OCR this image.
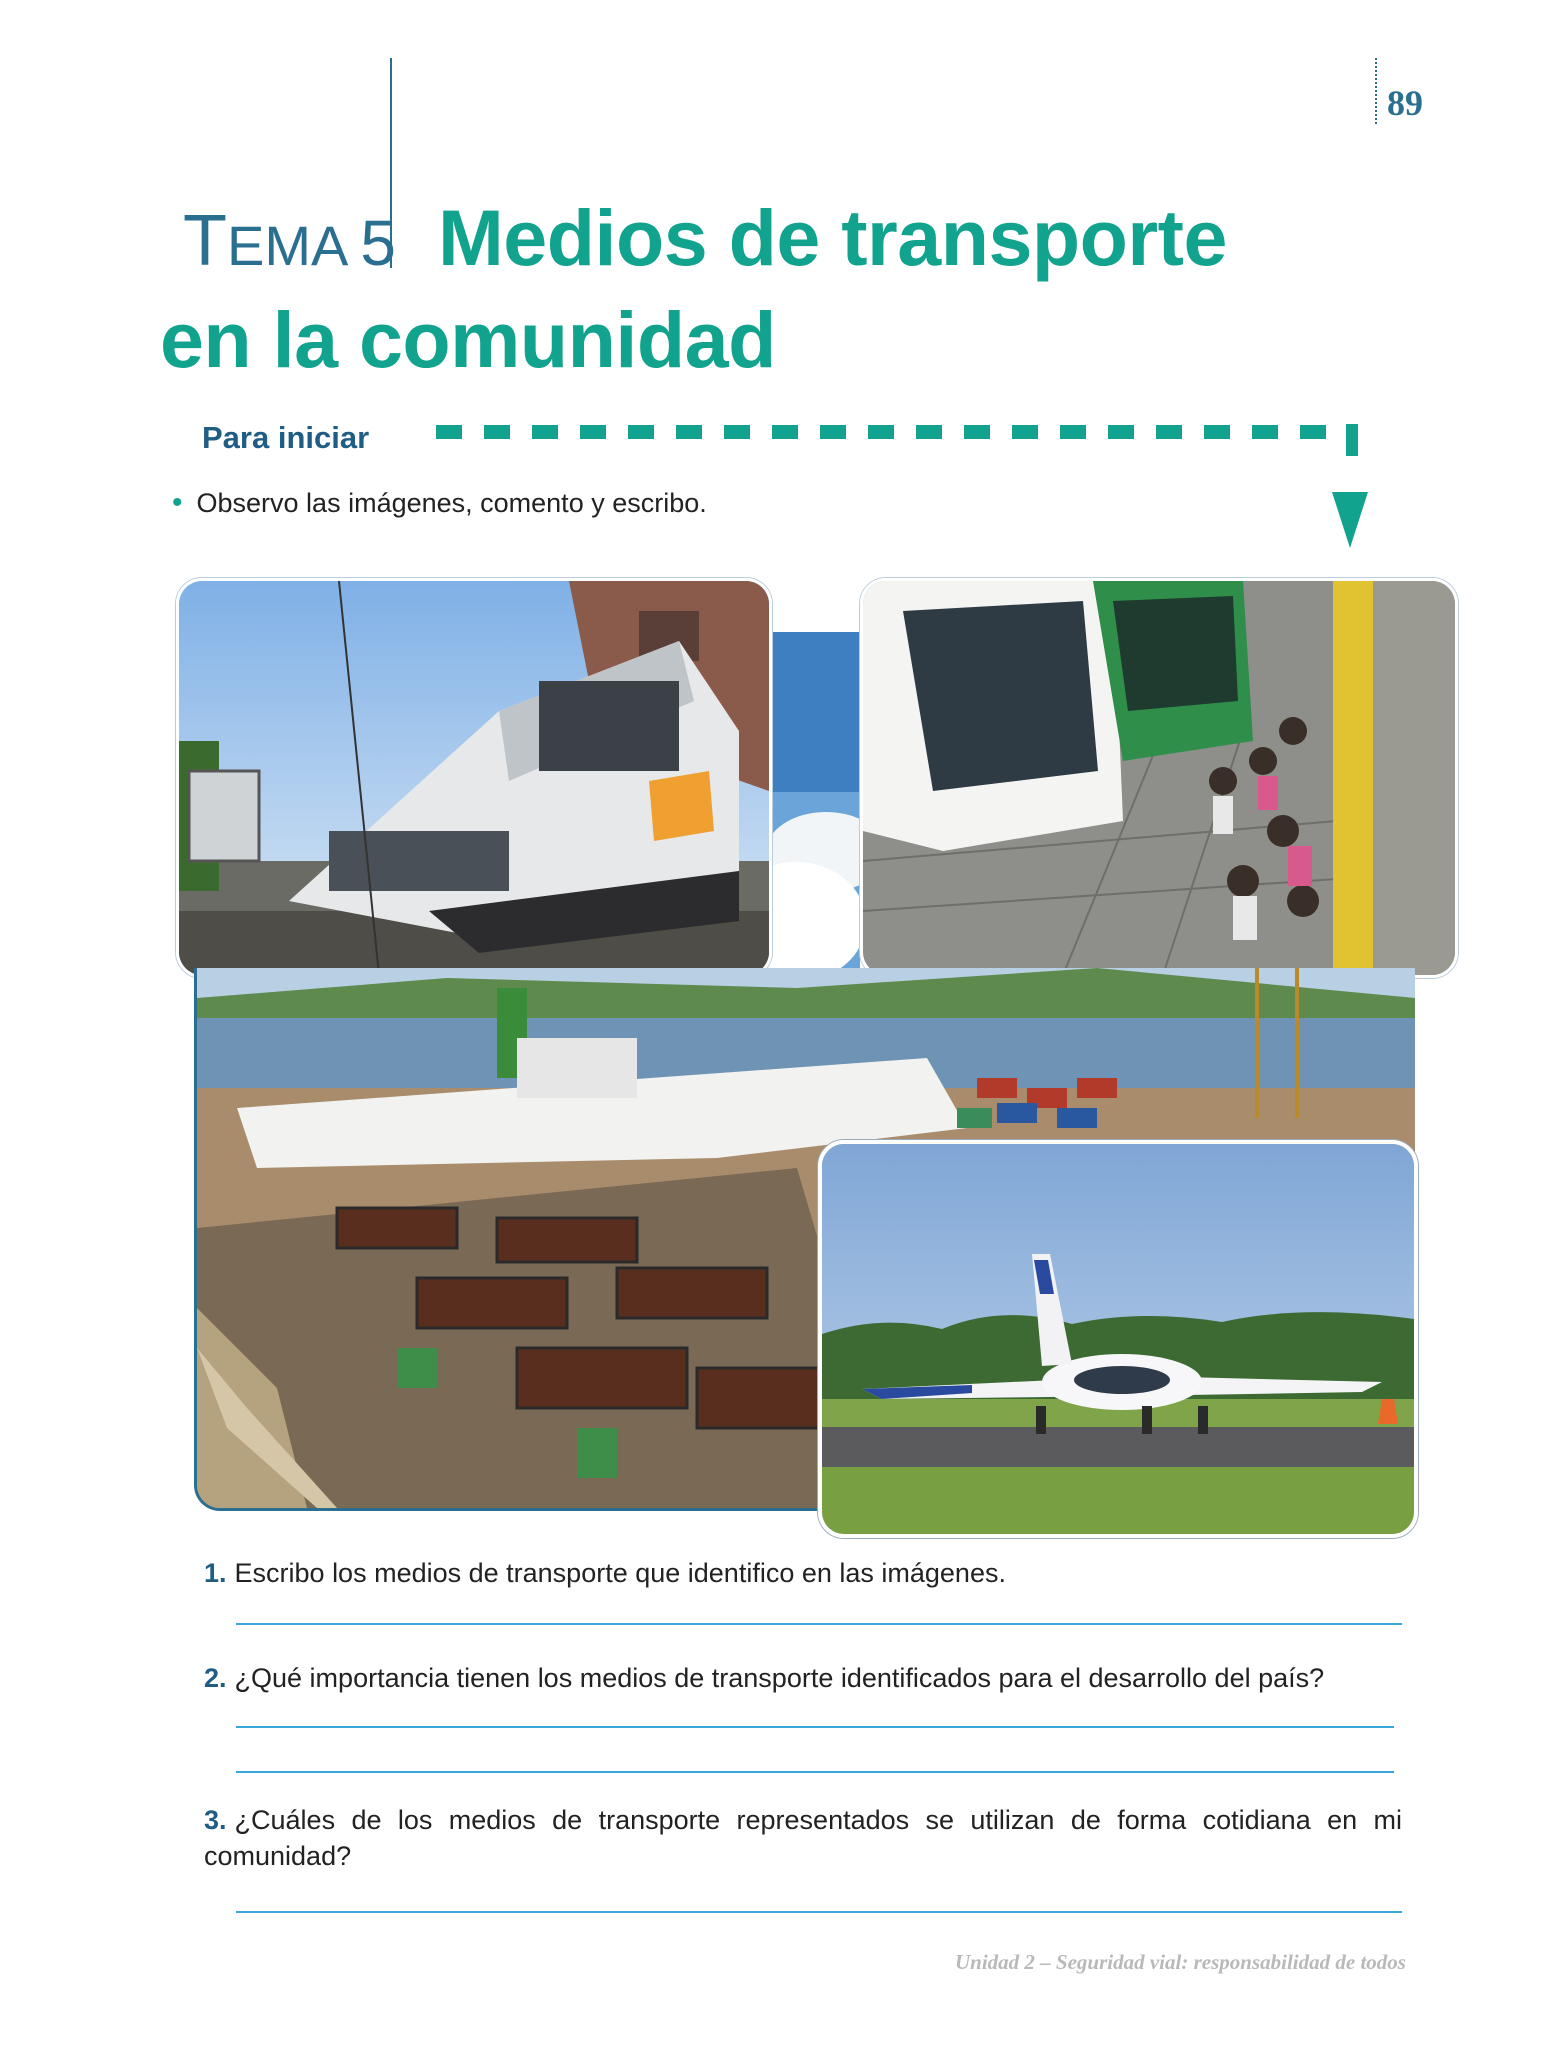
89
TEMA 5 Medios de transporte
en la comunidad
Para iniciar
• Observo las imágenes, comento y escribo.
1. Escribo los medios de transporte que identifico en las imágenes.
2. ¿Qué importancia tienen los medios de transporte identificados para el desarrollo del país?
3. ¿Cuáles de los medios de transporte representados se utilizan de forma cotidiana en mi comunidad?
Unidad 2 – Seguridad vial: responsabilidad de todos
